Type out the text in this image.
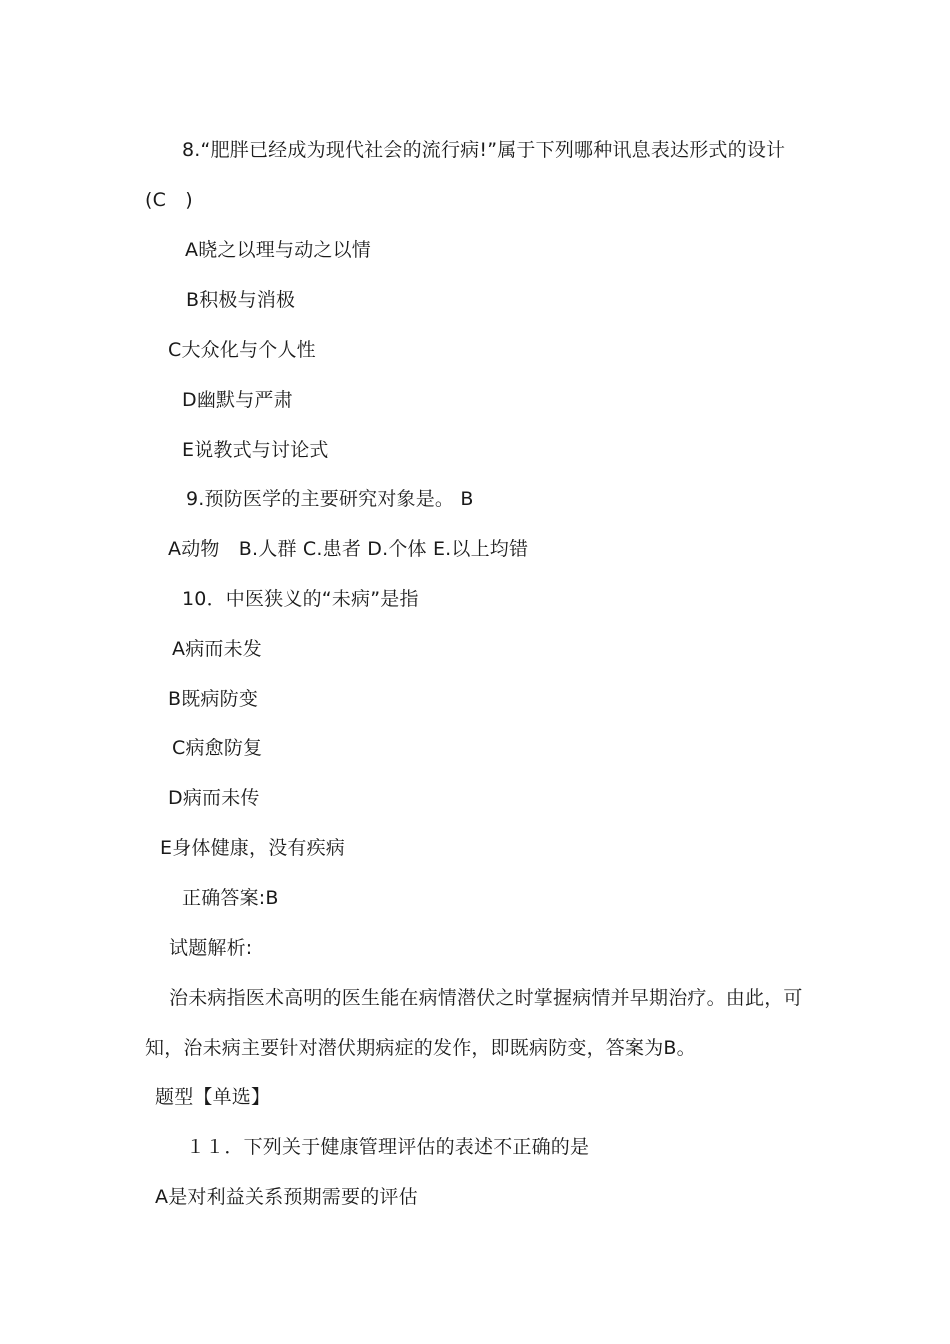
8.“肥胖已经成为现代社会的流行病!”属于下列哪种讯息表达形式的设计
(C　)
A晓之以理与动之以情
B积极与消极
C大众化与个人性
D幽默与严肃
E说教式与讨论式
9.预防医学的主要研究对象是。 B
A动物　B.人群 C.患者 D.个体 E.以上均错
10．中医狭义的“未病”是指
A病而未发
B既病防变
C病愈防复
D病而未传
E身体健康，没有疾病
正确答案:B
试题解析:
治未病指医术高明的医生能在病情潜伏之时掌握病情并早期治疗。由此，可
知，治未病主要针对潜伏期病症的发作，即既病防变，答案为B。
题型【单选】
１１．下列关于健康管理评估的表述不正确的是
A是对利益关系预期需要的评估
